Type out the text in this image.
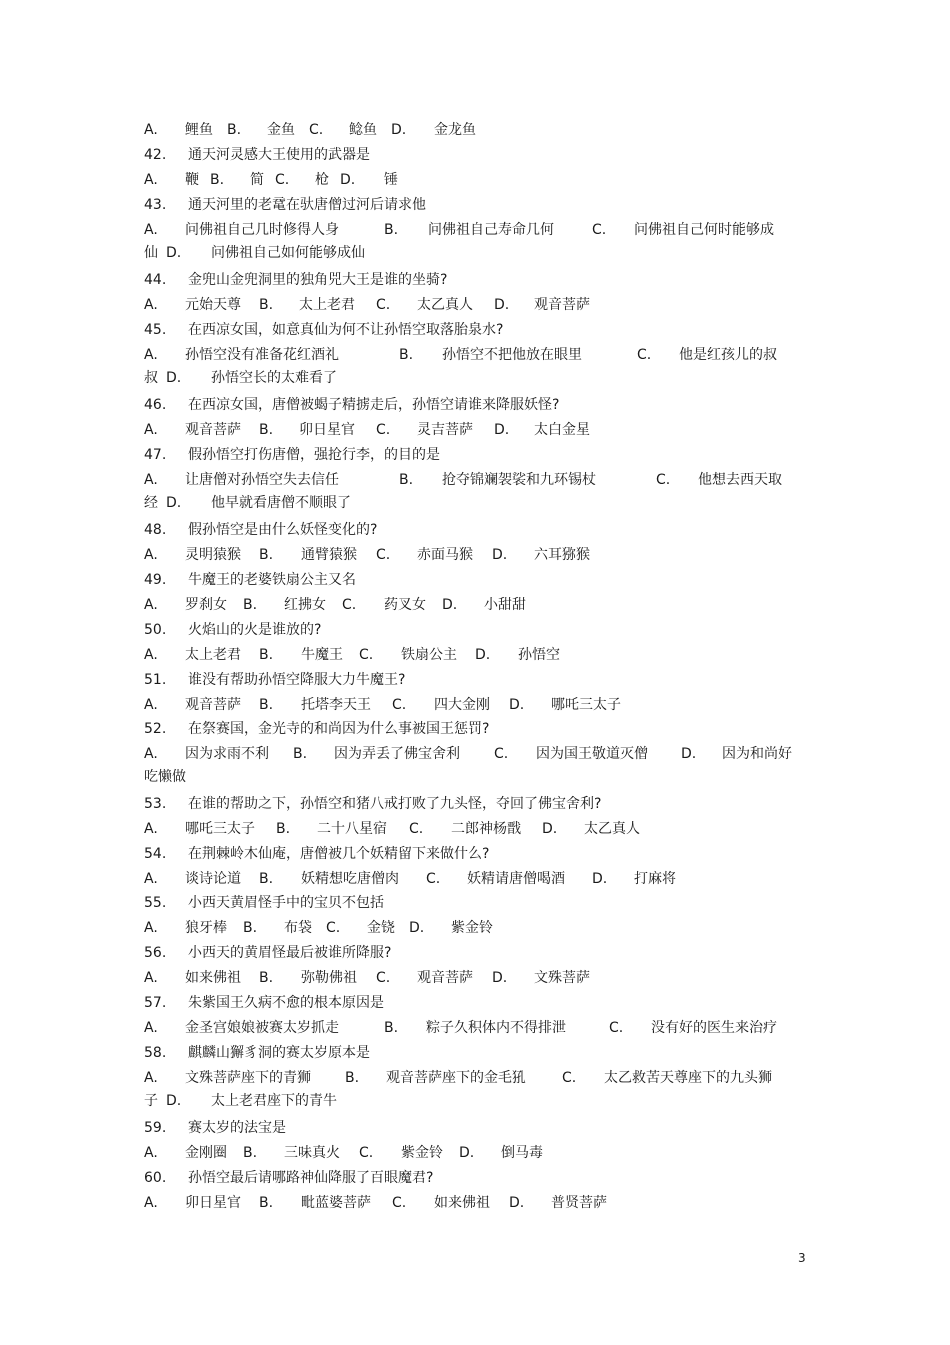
A. 鲤鱼 B. 金鱼 C. 鲶鱼 D. 金龙鱼
42. 通天河灵感大王使用的武器是
A. 鞭 B. 简 C. 枪 D. 锤
43. 通天河里的老鼋在驮唐僧过河后请求他
A. 问佛祖自己几时修得人身	B. 问佛祖自己寿命几何	C. 问佛祖自己何时能够成
仙 D. 问佛祖自己如何能够成仙
44. 金兜山金兜洞里的独角兕大王是谁的坐骑?
A. 元始天尊 B. 太上老君 C. 太乙真人 D. 观音菩萨
45. 在西凉女国，如意真仙为何不让孙悟空取落胎泉水?
A. 孙悟空没有准备花红酒礼	B. 孙悟空不把他放在眼里	C. 他是红孩儿的叔
叔 D. 孙悟空长的太难看了
46. 在西凉女国，唐僧被蝎子精掳走后，孙悟空请谁来降服妖怪?
A. 观音菩萨 B. 卯日星官 C. 灵吉菩萨 D. 太白金星
47. 假孙悟空打伤唐僧，强抢行李，的目的是
A. 让唐僧对孙悟空失去信任	B. 抢夺锦斓袈裟和九环锡杖	C. 他想去西天取
经 D. 他早就看唐僧不顺眼了
48. 假孙悟空是由什么妖怪变化的?
A. 灵明猿猴 B. 通臂猿猴 C. 赤面马猴 D. 六耳猕猴
49. 牛魔王的老婆铁扇公主又名
A. 罗刹女 B. 红拂女 C. 药叉女 D. 小甜甜
50. 火焰山的火是谁放的?
A. 太上老君 B. 牛魔王 C. 铁扇公主 D. 孙悟空
51. 谁没有帮助孙悟空降服大力牛魔王?
A. 观音菩萨 B. 托塔李天王 C. 四大金刚 D. 哪吒三太子
52. 在祭赛国，金光寺的和尚因为什么事被国王惩罚?
A. 因为求雨不利 B. 因为弄丢了佛宝舍利 C. 因为国王敬道灭僧 D. 因为和尚好
吃懒做
53. 在谁的帮助之下，孙悟空和猪八戒打败了九头怪，夺回了佛宝舍利?
A. 哪吒三太子 B. 二十八星宿 C. 二郎神杨戬 D. 太乙真人
54. 在荆棘岭木仙庵，唐僧被几个妖精留下来做什么?
A. 谈诗论道 B. 妖精想吃唐僧肉 C. 妖精请唐僧喝酒 D. 打麻将
55. 小西天黄眉怪手中的宝贝不包括
A. 狼牙棒 B. 布袋 C. 金铙 D. 紫金铃
56. 小西天的黄眉怪最后被谁所降服?
A. 如来佛祖 B. 弥勒佛祖 C. 观音菩萨 D. 文殊菩萨
57. 朱紫国王久病不愈的根本原因是
A. 金圣宫娘娘被赛太岁抓走	B. 粽子久积体内不得排泄	C. 没有好的医生来治疗
58. 麒麟山獬豸洞的赛太岁原本是
A. 文殊菩萨座下的青狮 B. 观音菩萨座下的金毛犼	C. 太乙救苦天尊座下的九头狮
子 D. 太上老君座下的青牛
59. 赛太岁的法宝是
A. 金刚圈 B. 三味真火 C. 紫金铃 D. 倒马毒
60. 孙悟空最后请哪路神仙降服了百眼魔君?
A. 卯日星官 B. 毗蓝婆菩萨 C. 如来佛祖 D. 普贤菩萨
3
